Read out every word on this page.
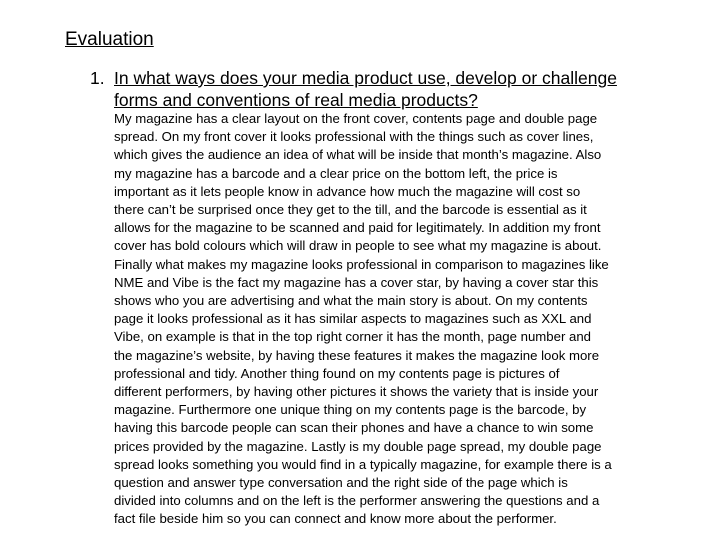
Evaluation
1. In what ways does your media product use, develop or challenge
forms and conventions of real media products?
My magazine has a clear layout on the front cover, contents page and double page
spread. On my front cover it looks professional with the things such as cover lines,
which gives the audience an idea of what will be inside that month’s magazine. Also
my magazine has a barcode and a clear price on the bottom left, the price is
important as it lets people know in advance how much the magazine will cost so
there can’t be surprised once they get to the till, and the barcode is essential as it
allows for the magazine to be scanned and paid for legitimately. In addition my front
cover has bold colours which will draw in people to see what my magazine is about.
Finally what makes my magazine looks professional in comparison to magazines like
NME and Vibe is the fact my magazine has a cover star, by having a cover star this
shows who you are advertising and what the main story is about. On my contents
page it looks professional as it has similar aspects to magazines such as XXL and
Vibe, on example is that in the top right corner it has the month, page number and
the magazine’s website, by having these features it makes the magazine look more
professional and tidy. Another thing found on my contents page is pictures of
different performers, by having other pictures it shows the variety that is inside your
magazine. Furthermore one unique thing on my contents page is the barcode, by
having this barcode people can scan their phones and have a chance to win some
prices provided by the magazine. Lastly is my double page spread, my double page
spread looks something you would find in a typically magazine, for example there is a
question and answer type conversation and the right side of the page which is
divided into columns and on the left is the performer answering the questions and a
fact file beside him so you can connect and know more about the performer.
